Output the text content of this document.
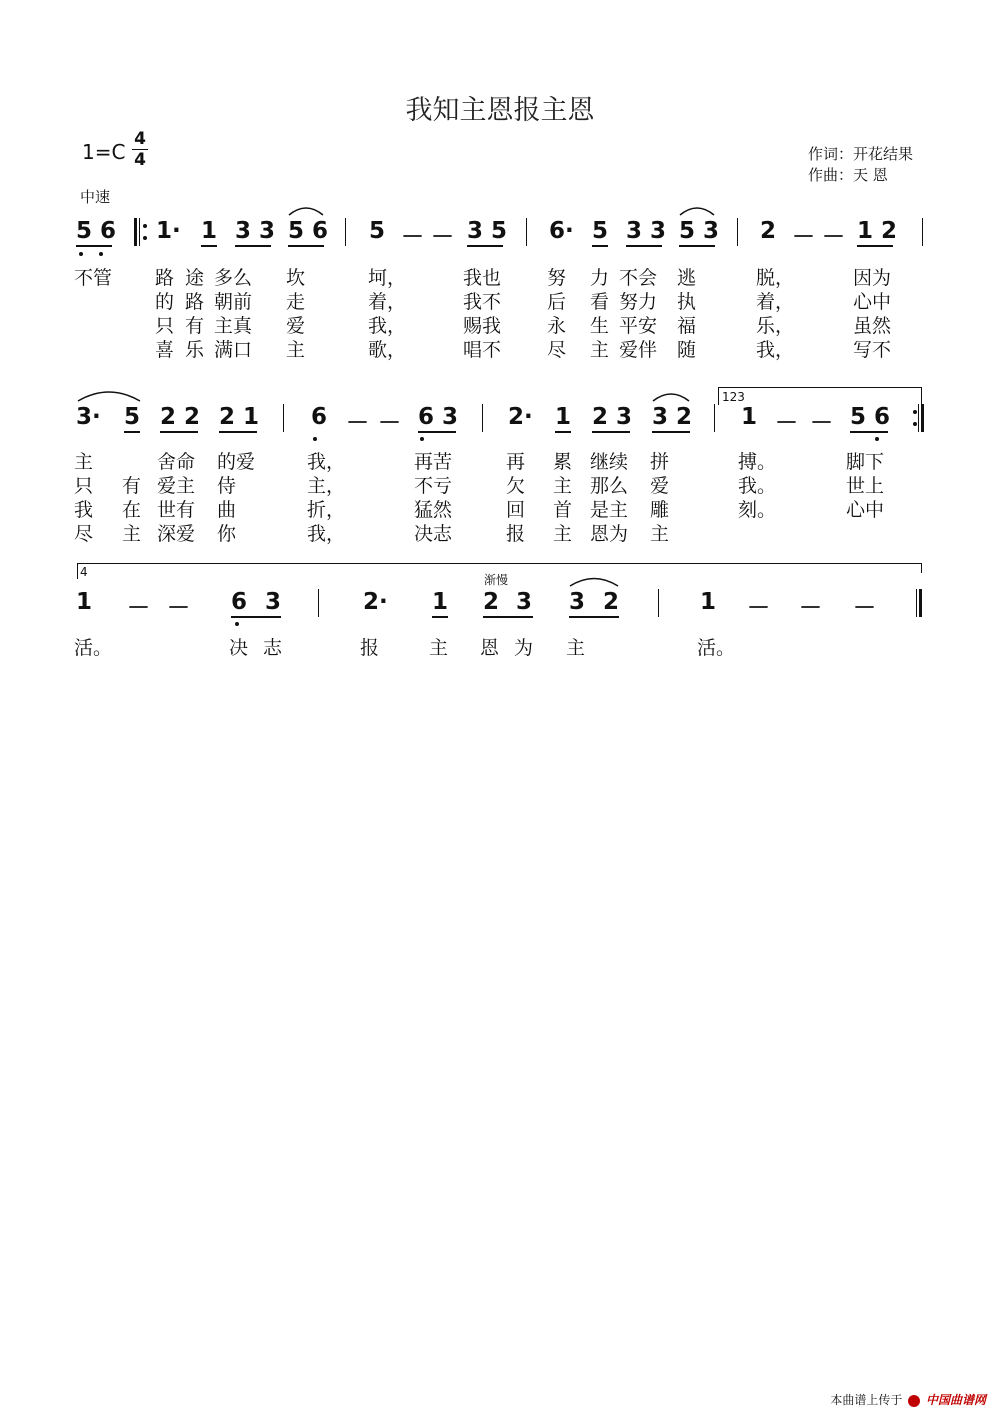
我知主恩报主恩
1=C
4
4	作词：开花结果
作曲：天 恩
中速
5 6 1· 1 3 3 5 6 5 － － 3 5 6· 5 3 3 5 3 2 － － 1 2
不管 路 途 多么 坎	坷，	我也 努 力 不会 逃	脱，	因为
的 路 朝前 走	着，	我不 后 看 努力 执	着，	心中
只 有 主真 爱	我，	赐我 永 生 平安 福	乐，	虽然
喜 乐 满口 主	歌，	唱不 尽 主 爱伴 随	我，	写不
123
3· 5 2 2 2 1 6 － － 6 3 2· 1 2 3 3 2 1 － － 5 6
主	舍命 的爱	我，	再苦	再 累 继续 拼	搏。	脚下
只 有 爱主 侍	主，	不亏	欠 主 那么 爱	我。	世上
我 在 世有 曲	折，	猛然	回 首 是主 雕	刻。	心中
尽 主 深爱 你	我，	决志	报 主 恩为 主
4
渐慢
1 － － 6 3	2· 1 2 3 3 2	1 － － －
活。	决 志	报	主 恩 为 主	活。
本曲谱上传于 中国曲谱网
